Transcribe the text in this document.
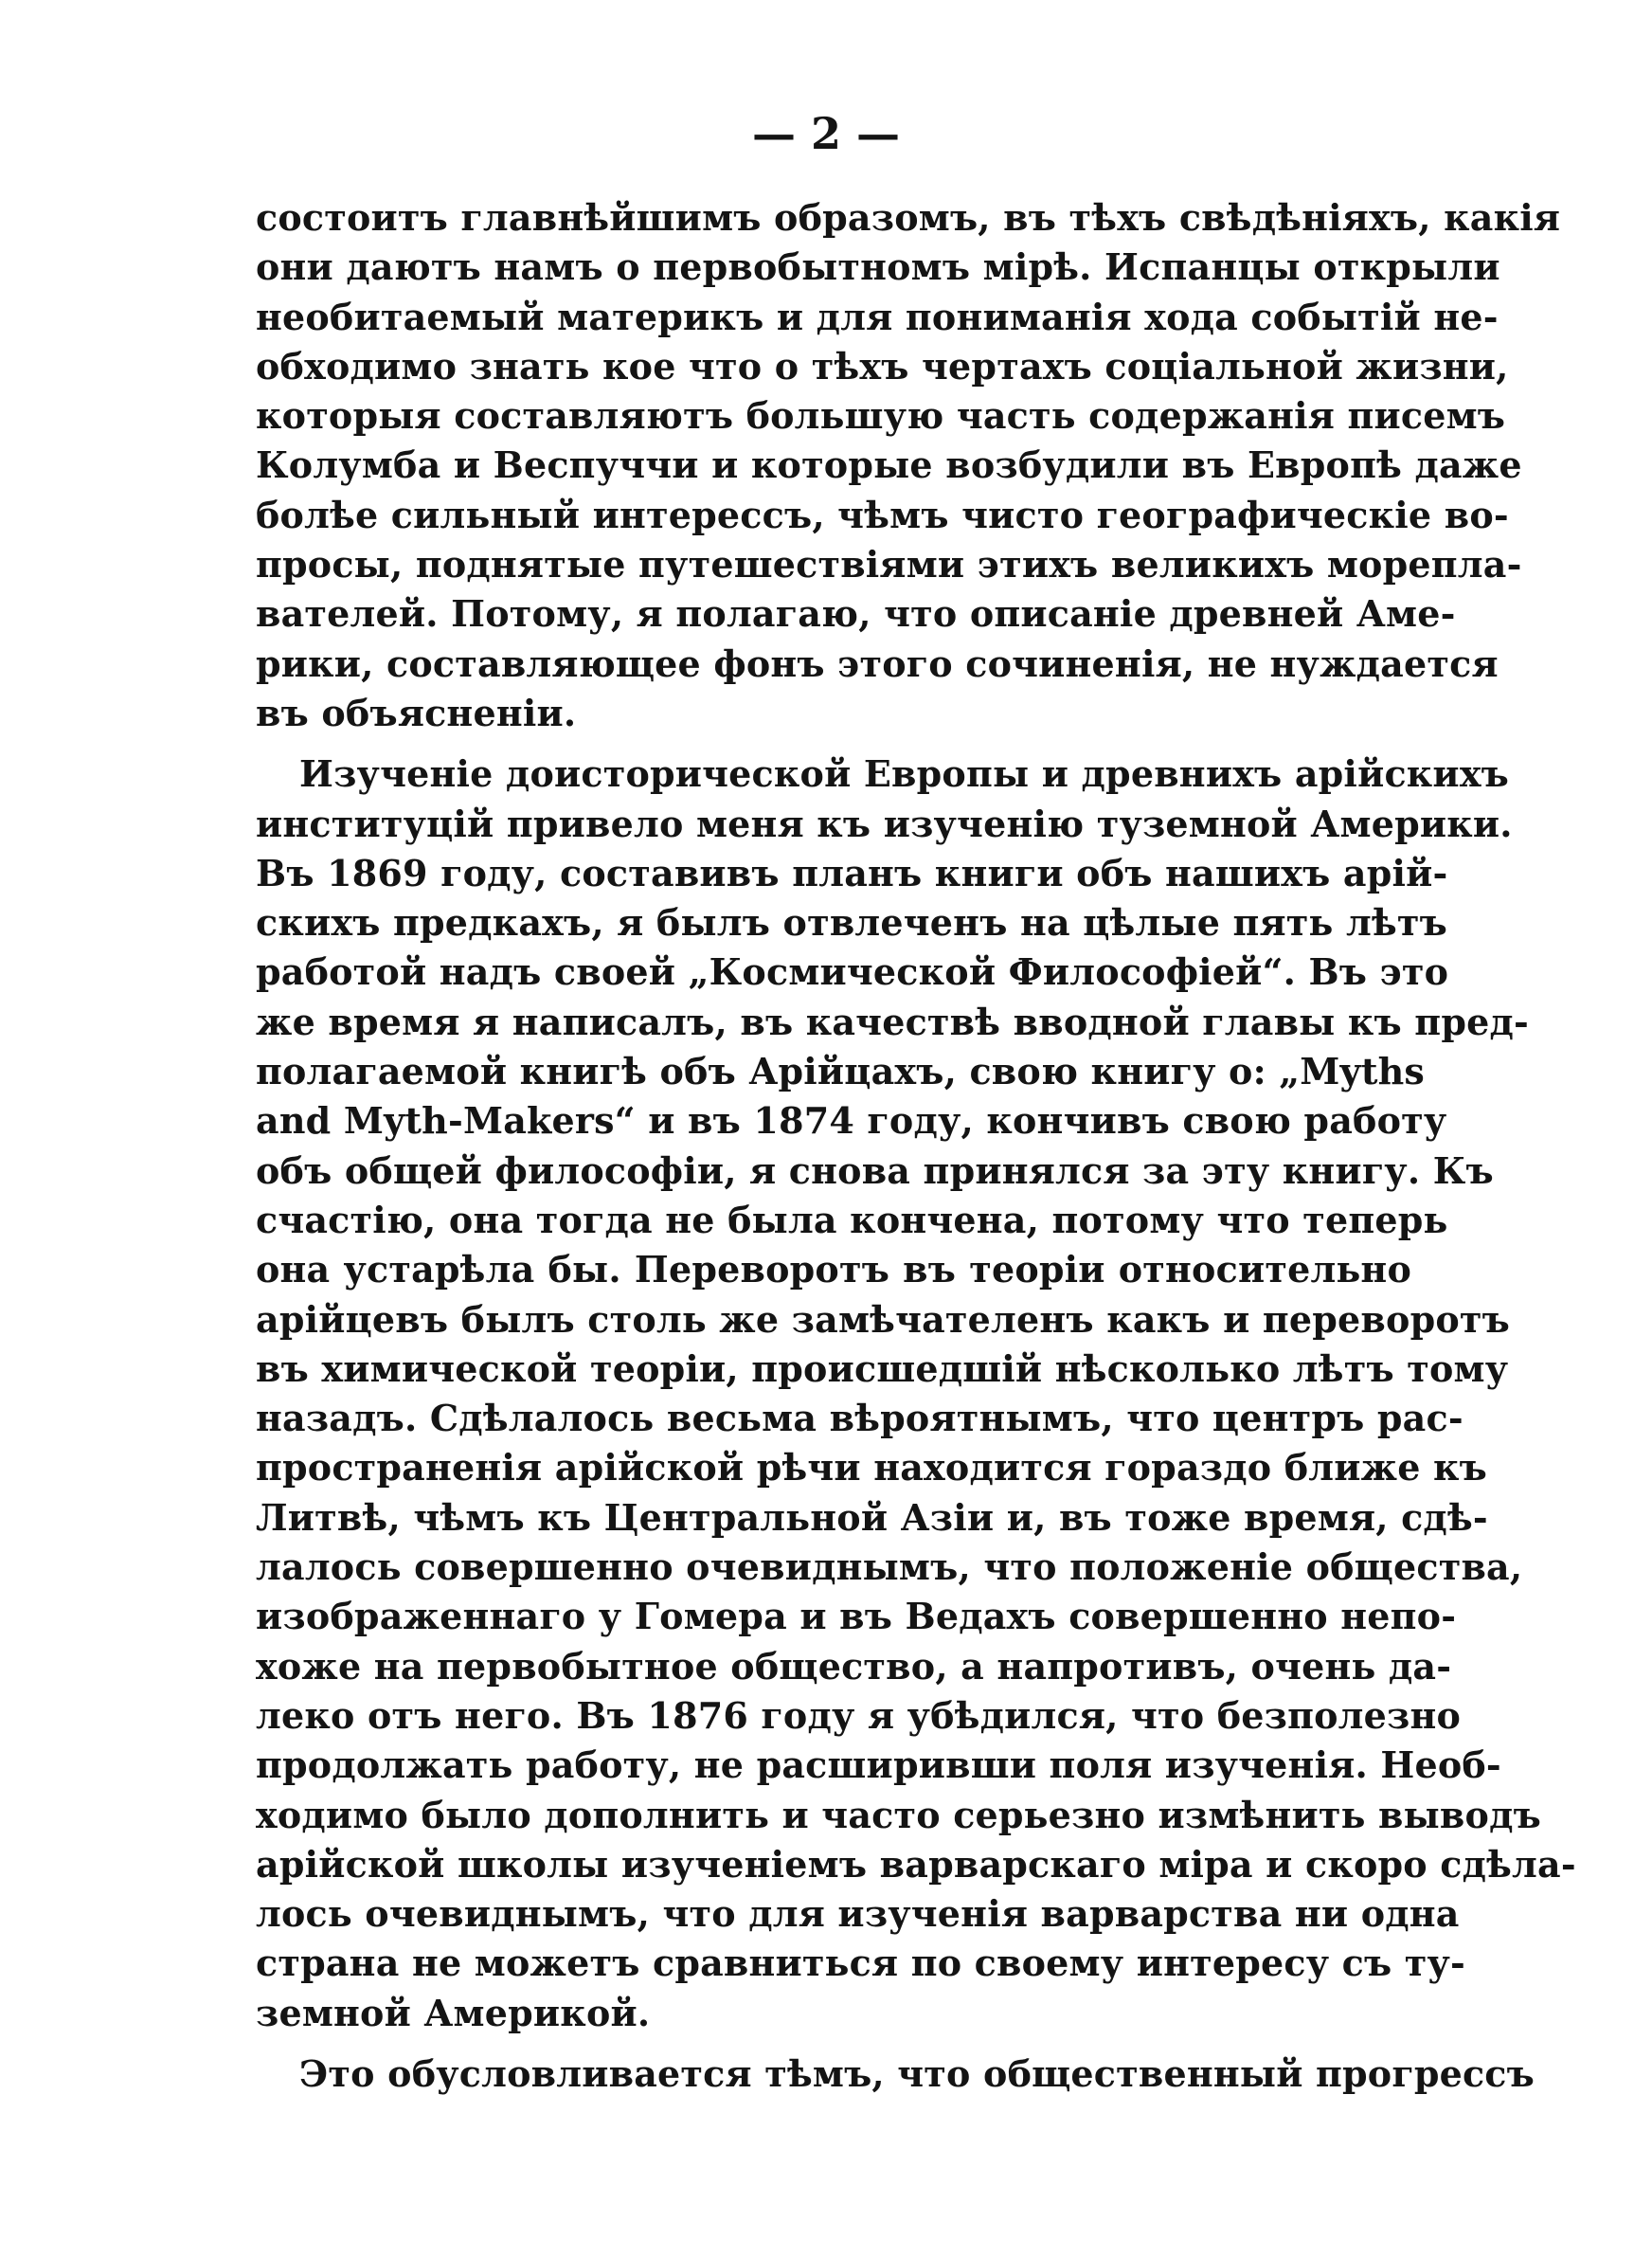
— 2 —
состоитъ главнѣйшимъ образомъ, въ тѣхъ свѣдѣніяхъ, какія
они даютъ намъ о первобытномъ мірѣ. Испанцы открыли
необитаемый материкъ и для пониманія хода событій не-
обходимо знать кое что о тѣхъ чертахъ соціальной жизни,
которыя составляютъ большую часть содержанія писемъ
Колумба и Веспуччи и которые возбудили въ Европѣ даже
болѣе сильный интерессъ, чѣмъ чисто географическіе во-
просы, поднятые путешествіями этихъ великихъ морепла-
вателей. Потому, я полагаю, что описаніе древней Аме-
рики, составляющее фонъ этого сочиненія, не нуждается
въ объясненіи.
Изученіе доисторической Европы и древнихъ арійскихъ
институцій привело меня къ изученію туземной Америки.
Въ 1869 году, составивъ планъ книги объ нашихъ арій-
скихъ предкахъ, я былъ отвлеченъ на цѣлые пять лѣтъ
работой надъ своей „Космической Философіей“. Въ это
же время я написалъ, въ качествѣ вводной главы къ пред-
полагаемой книгѣ объ Арійцахъ, свою книгу о: „Myths
and Myth-Makers“ и въ 1874 году, кончивъ свою работу
объ общей философіи, я снова принялся за эту книгу. Къ
счастію, она тогда не была кончена, потому что теперь
она устарѣла бы. Переворотъ въ теоріи относительно
арійцевъ былъ столь же замѣчателенъ какъ и переворотъ
въ химической теоріи, происшедшій нѣсколько лѣтъ тому
назадъ. Сдѣлалось весьма вѣроятнымъ, что центръ рас-
пространенія арійской рѣчи находится гораздо ближе къ
Литвѣ, чѣмъ къ Центральной Азіи и, въ тоже время, сдѣ-
лалось совершенно очевиднымъ, что положеніе общества,
изображеннаго у Гомера и въ Ведахъ совершенно непо-
хоже на первобытное общество, а напротивъ, очень да-
леко отъ него. Въ 1876 году я убѣдился, что безполезно
продолжать работу, не расширивши поля изученія. Необ-
ходимо было дополнить и часто серьезно измѣнить выводъ
арійской школы изученіемъ варварскаго міра и скоро сдѣла-
лось очевиднымъ, что для изученія варварства ни одна
страна не можетъ сравниться по своему интересу съ ту-
земной Америкой.
Это обусловливается тѣмъ, что общественный прогрессъ
